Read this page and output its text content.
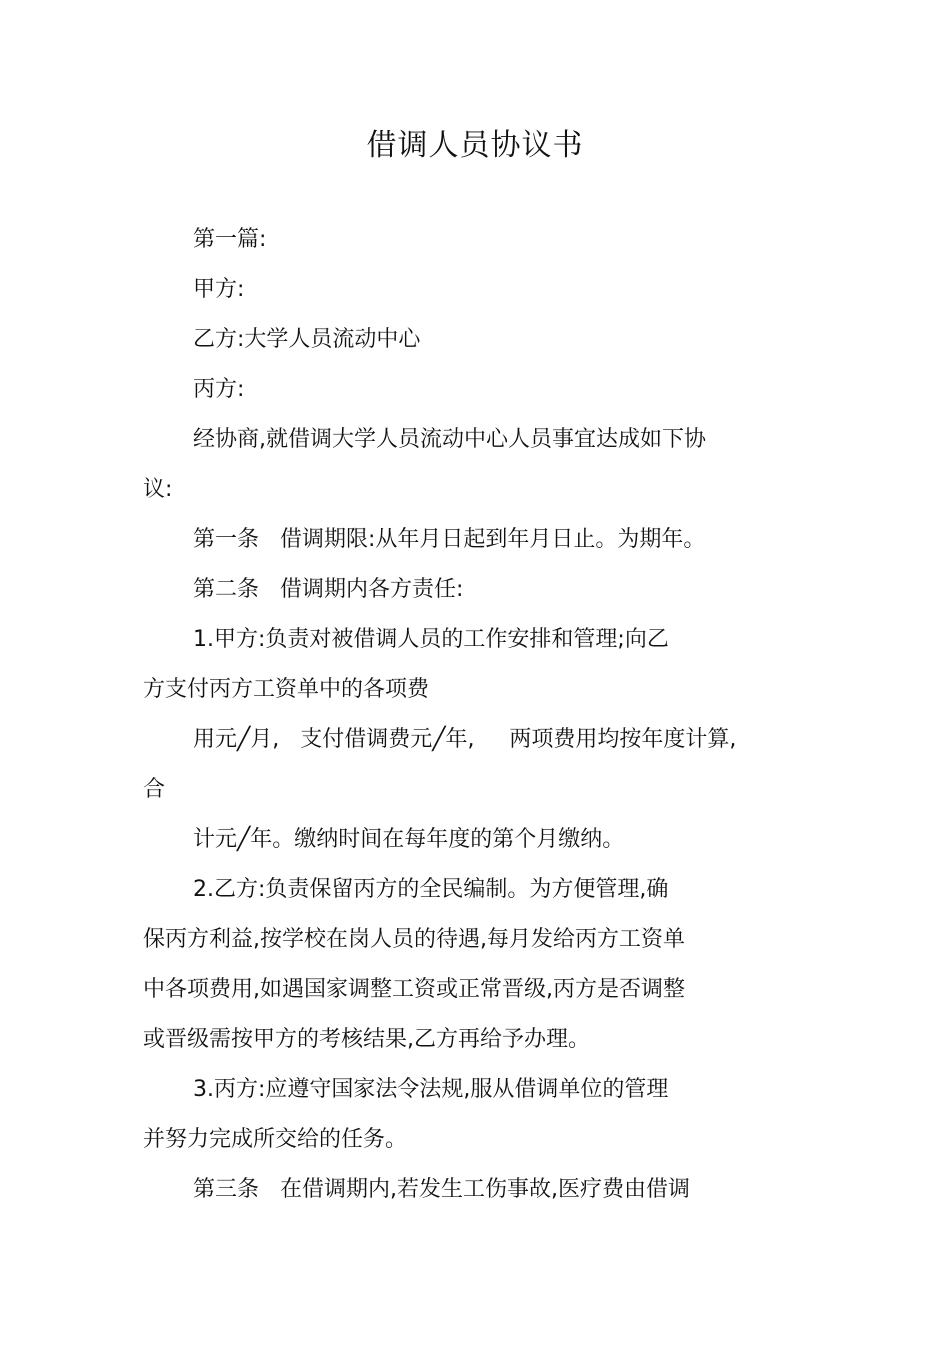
借调人员协议书
第一篇:
甲方:
乙方:大学人员流动中心
丙方:
经协商,就借调大学人员流动中心人员事宜达成如下协
议:
第一条   借调期限:从年月日起到年月日止。为期年。
第二条   借调期内各方责任:
1.甲方:负责对被借调人员的工作安排和管理;向乙
方支付丙方工资单中的各项费
用元╱月,   支付借调费元╱年,     两项费用均按年度计算,
合
计元╱年。缴纳时间在每年度的第个月缴纳。
2.乙方:负责保留丙方的全民编制。为方便管理,确
保丙方利益,按学校在岗人员的待遇,每月发给丙方工资单
中各项费用,如遇国家调整工资或正常晋级,丙方是否调整
或晋级需按甲方的考核结果,乙方再给予办理。
3.丙方:应遵守国家法令法规,服从借调单位的管理
并努力完成所交给的任务。
第三条   在借调期内,若发生工伤事故,医疗费由借调
